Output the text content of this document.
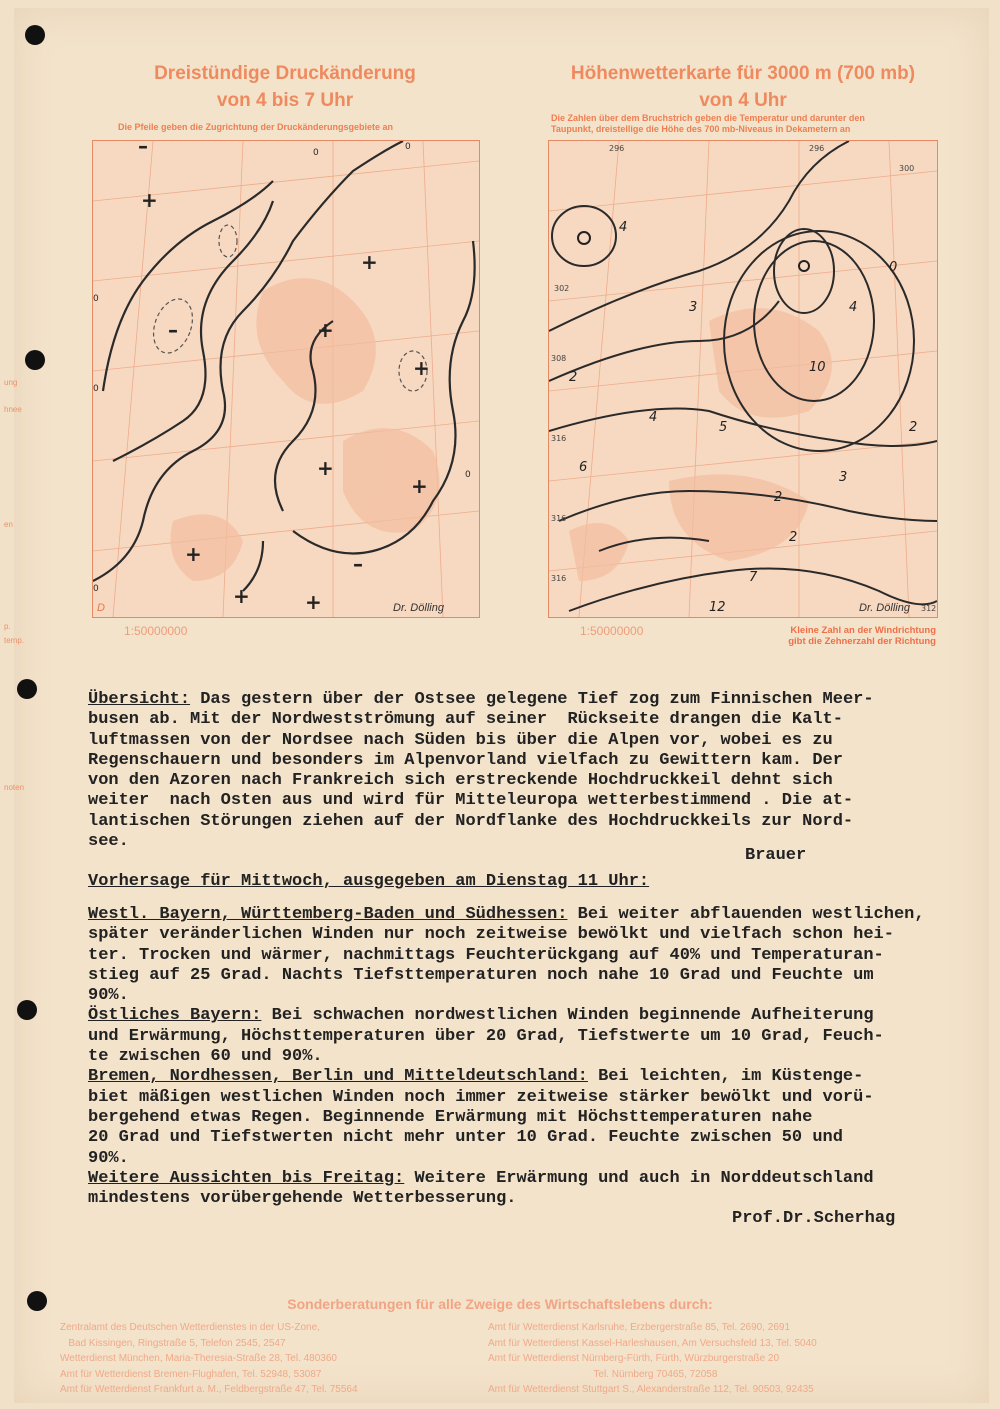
ung
hnee
en
p.
temp.
noten
Dreistündige Druckänderung
von 4 bis 7 Uhr
Die Pfeile geben die Zugrichtung der Druckänderungsgebiete an
+
–	+
+
+
+
+
+
+	+
–
–
0
0
0
0
0
0
D	Dr. Dölling
1:50000000
Höhenwetterkarte für 3000 m (700 mb)
von 4 Uhr
Die Zahlen über dem Bruchstrich geben die Temperatur und darunter den
Taupunkt, dreistellige die Höhe des 700 mb-Niveaus in Dekametern an
4
3
2
4
5
10
4
0
2
2
7
12
6
3
2
296	296
300
302
308
316
316
316
312
Dr. Dölling
1:50000000	Kleine Zahl an der Windrichtung
gibt die Zehnerzahl der Richtung
Übersicht: Das gestern über der Ostsee gelegene Tief zog zum Finnischen Meer-
busen ab. Mit der Nordwestströmung auf seiner  Rückseite drangen die Kalt-
luftmassen von der Nordsee nach Süden bis über die Alpen vor, wobei es zu
Regenschauern und besonders im Alpenvorland vielfach zu Gewittern kam. Der
von den Azoren nach Frankreich sich erstreckende Hochdruckkeil dehnt sich
weiter  nach Osten aus und wird für Mitteleuropa wetterbestimmend . Die at-
lantischen Störungen ziehen auf der Nordflanke des Hochdruckkeils zur Nord-
see.
Brauer
Vorhersage für Mittwoch, ausgegeben am Dienstag 11 Uhr:
Westl. Bayern, Württemberg-Baden und Südhessen: Bei weiter abflauenden westlichen,
später veränderlichen Winden nur noch zeitweise bewölkt und vielfach schon hei-
ter. Trocken und wärmer, nachmittags Feuchterückgang auf 40% und Temperaturan-
stieg auf 25 Grad. Nachts Tiefsttemperaturen noch nahe 10 Grad und Feuchte um
90%.
Östliches Bayern: Bei schwachen nordwestlichen Winden beginnende Aufheiterung
und Erwärmung, Höchsttemperaturen über 20 Grad, Tiefstwerte um 10 Grad, Feuch-
te zwischen 60 und 90%.
Bremen, Nordhessen, Berlin und Mitteldeutschland: Bei leichten, im Küstenge-
biet mäßigen westlichen Winden noch immer zeitweise stärker bewölkt und vorü-
bergehend etwas Regen. Beginnende Erwärmung mit Höchsttemperaturen nahe
20 Grad und Tiefstwerten nicht mehr unter 10 Grad. Feuchte zwischen 50 und
90%.
Weitere Aussichten bis Freitag: Weitere Erwärmung und auch in Norddeutschland
mindestens vorübergehende Wetterbesserung.
Prof.Dr.Scherhag
Sonderberatungen für alle Zweige des Wirtschaftslebens durch:
Zentralamt des Deutschen Wetterdienstes in der US-Zone,
Bad Kissingen, Ringstraße 5, Telefon 2545, 2547
Wetterdienst München, Maria-Theresia-Straße 28, Tel. 480360
Amt für Wetterdienst Bremen-Flughafen, Tel. 52948, 53087
Amt für Wetterdienst Frankfurt a. M., Feldbergstraße 47, Tel. 75564
Amt für Wetterdienst Karlsruhe, Erzbergerstraße 85, Tel. 2690, 2691
Amt für Wetterdienst Kassel-Harleshausen, Am Versuchsfeld 13, Tel. 5040
Amt für Wetterdienst Nürnberg-Fürth, Fürth, Würzburgerstraße 20
Tel. Nürnberg 70465, 72058
Amt für Wetterdienst Stuttgart S., Alexanderstraße 112, Tel. 90503, 92435
